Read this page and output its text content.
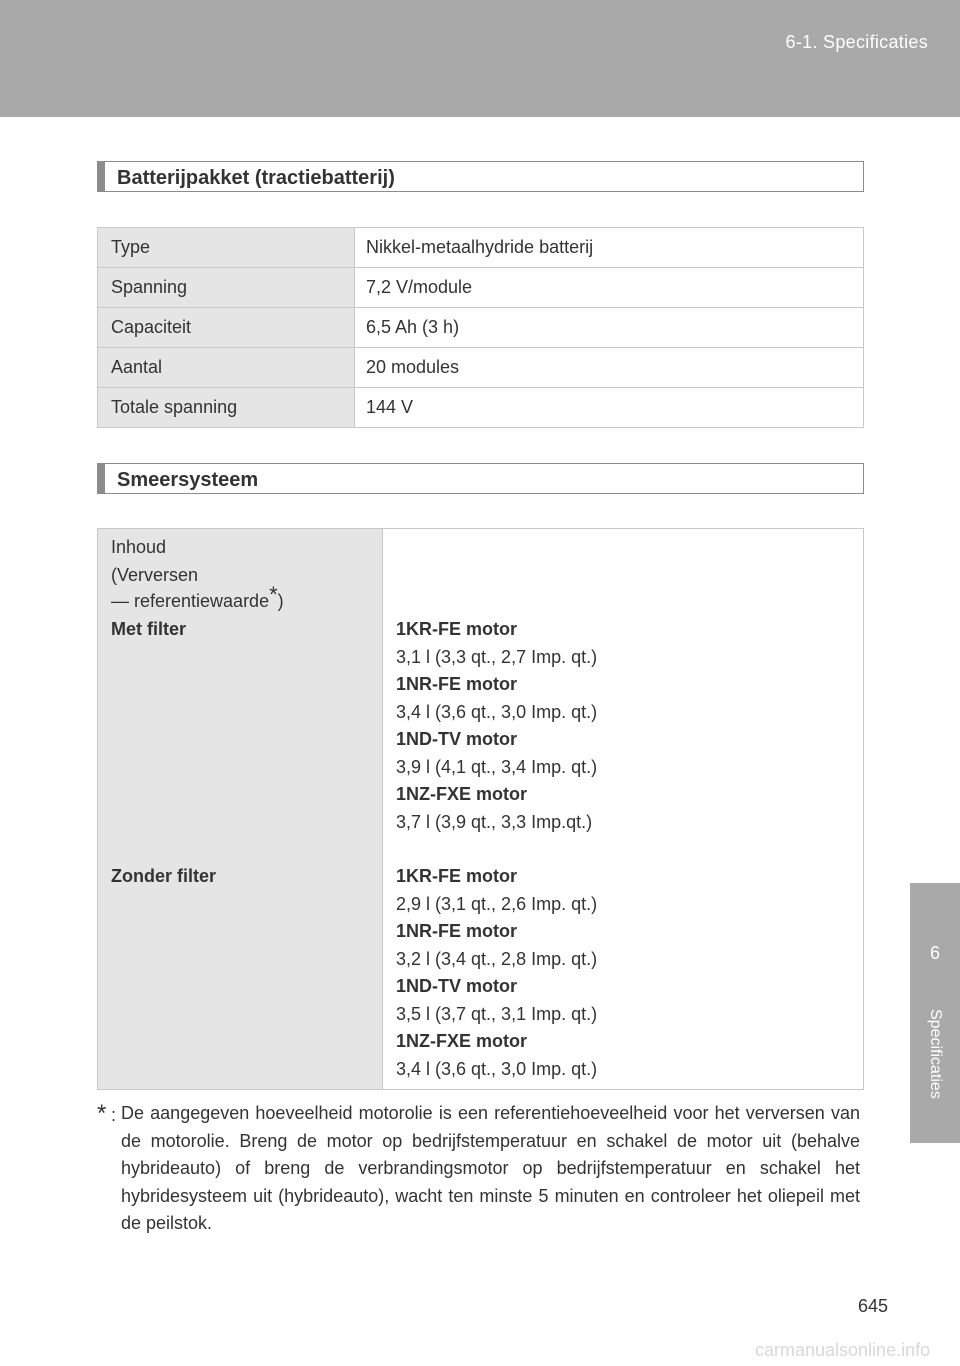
6-1. Specificaties
6
Specificaties
Batterijpakket (tractiebatterij)
Type	Nikkel-metaalhydride batterij
Spanning	7,2 V/module
Capaciteit	6,5 Ah (3 h)
Aantal	20 modules
Totale spanning	144 V
Smeersysteem
Inhoud
(Verversen
— referentiewaarde*)
Met filter	1KR-FE motor
3,1 l (3,3 qt., 2,7 Imp. qt.)
1NR-FE motor
3,4 l (3,6 qt., 3,0 Imp. qt.)
1ND-TV motor
3,9 l (4,1 qt., 3,4 Imp. qt.)
1NZ-FXE motor
3,7 l (3,9 qt., 3,3 Imp.qt.)
Zonder filter	1KR-FE motor
2,9 l (3,1 qt., 2,6 Imp. qt.)
1NR-FE motor
3,2 l (3,4 qt., 2,8 Imp. qt.)
1ND-TV motor
3,5 l (3,7 qt., 3,1 Imp. qt.)
1NZ-FXE motor
3,4 l (3,6 qt., 3,0 Imp. qt.)
* : De aangegeven hoeveelheid motorolie is een referentiehoeveelheid voor het verversen van de motorolie. Breng de motor op bedrijfstemperatuur en schakel de motor uit (behalve hybrideauto) of breng de verbrandingsmotor op bedrijfstemperatuur en schakel het hybridesysteem uit (hybrideauto), wacht ten minste 5 minuten en controleer het oliepeil met de peilstok.
645
carmanualsonline.info
